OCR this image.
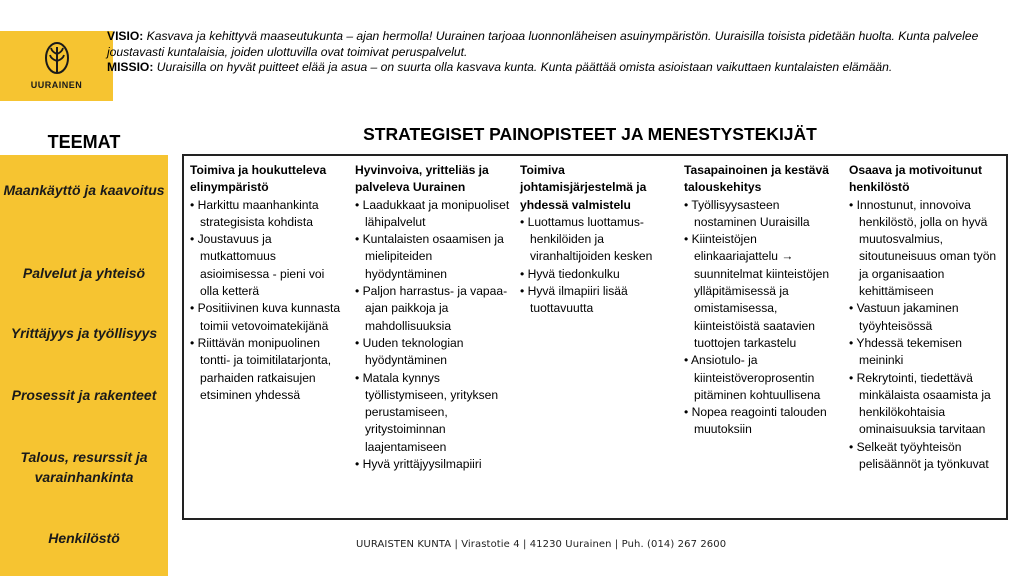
UURAINEN
VISIO: Kasvava ja kehittyvä maaseutukunta – ajan hermolla! Uurainen tarjoaa luonnonläheisen asuinympäristön. Uuraisilla toisista pidetään huolta. Kunta palvelee joustavasti kuntalaisia, joiden ulottuvilla ovat toimivat peruspalvelut.
MISSIO: Uuraisilla on hyvät puitteet elää ja asua – on suurta olla kasvava kunta. Kunta päättää omista asioistaan vaikuttaen kuntalaisten elämään.
TEEMAT
Maankäyttö ja kaavoitus
Palvelut ja yhteisö
Yrittäjyys ja työllisyys
Prosessit ja rakenteet
Talous, resurssit ja varainhankinta
Henkilöstö
STRATEGISET PAINOPISTEET JA MENESTYSTEKIJÄT
Toimiva ja houkutteleva elinympäristö
• Harkittu maanhankinta strategisista kohdista
• Joustavuus ja mutkattomuus asioimisessa - pieni voi olla ketterä
• Positiivinen kuva kunnasta toimii vetovoimatekijänä
• Riittävän monipuolinen tontti- ja toimitilatarjonta, parhaiden ratkaisujen etsiminen yhdessä
Hyvinvoiva, yritteliäs ja palveleva Uurainen
• Laadukkaat ja monipuoliset lähipalvelut
• Kuntalaisten osaamisen ja mielipiteiden hyödyntäminen
• Paljon harrastus- ja vapaa-ajan paikkoja ja mahdollisuuksia
• Uuden teknologian hyödyntäminen
• Matala kynnys työllistymiseen, yrityksen perustamiseen, yritystoiminnan laajentamiseen
• Hyvä yrittäjyysilmapiiri
Toimiva johtamisjärjestelmä ja yhdessä valmistelu
• Luottamus luottamus-henkilöiden ja viranhaltijoiden kesken
• Hyvä tiedonkulku
• Hyvä ilmapiiri lisää tuottavuutta
Tasapainoinen ja kestävä talouskehitys
• Työllisyysasteen nostaminen Uuraisilla
• Kiinteistöjen elinkaariajattelu → suunnitelmat kiinteistöjen ylläpitämisessä ja omistamisessa, kiinteistöistä saatavien tuottojen tarkastelu
• Ansiotulo- ja kiinteistöveroprosentin pitäminen kohtuullisena
• Nopea reagointi talouden muutoksiin
Osaava ja motivoitunut henkilöstö
• Innostunut, innovoiva henkilöstö, jolla on hyvä muutosvalmius, sitoutuneisuus oman työn ja organisaation kehittämiseen
• Vastuun jakaminen työyhteisössä
• Yhdessä tekemisen meininki
• Rekrytointi, tiedettävä minkälaista osaamista ja henkilökohtaisia ominaisuuksia tarvitaan
• Selkeät työyhteisön pelisäännöt ja työnkuvat
UURAISTEN KUNTA | Virastotie 4 | 41230 Uurainen | Puh. (014) 267 2600
